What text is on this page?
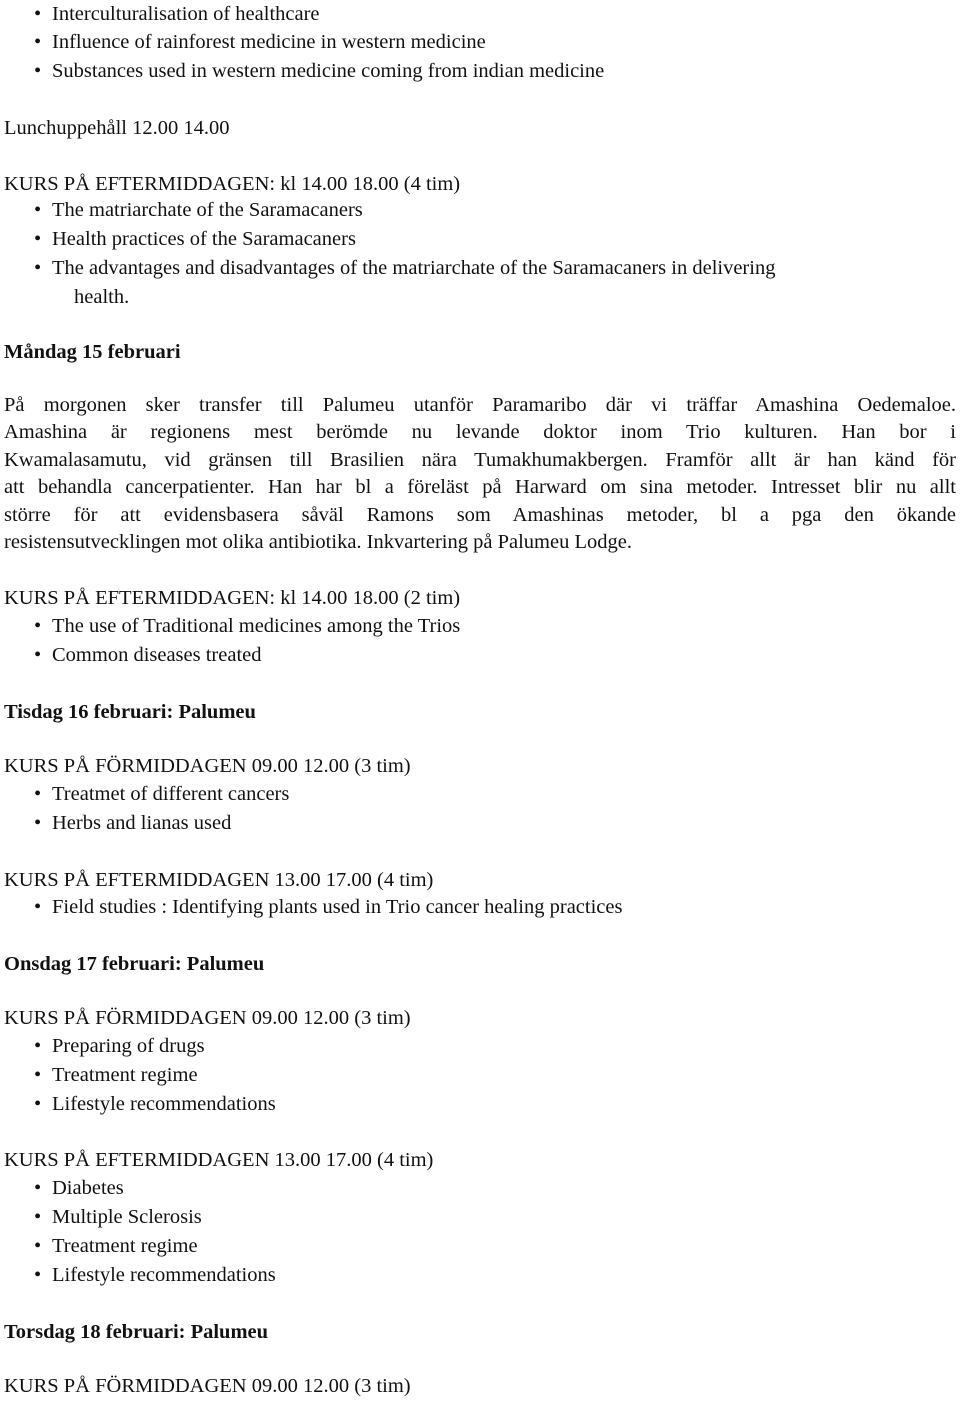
• Interculturalisation of healthcare
• Influence of rainforest medicine in western medicine
• Substances used in western medicine coming from indian medicine
Lunchuppehåll 12.00 14.00
KURS PÅ EFTERMIDDAGEN: kl 14.00 18.00 (4 tim)
• The matriarchate of the Saramacaners
• Health practices of the Saramacaners
• The advantages and disadvantages of the matriarchate of the Saramacaners in delivering
health.
Måndag 15 februari
På morgonen sker transfer till Palumeu utanför Paramaribo där vi träffar Amashina Oedemaloe.
Amashina är regionens mest berömde nu levande doktor inom Trio kulturen. Han bor i
Kwamalasamutu, vid gränsen till Brasilien nära Tumakhumakbergen. Framför allt är han känd för
att behandla cancerpatienter. Han har bl a föreläst på Harward om sina metoder. Intresset blir nu allt
större för att evidensbasera såväl Ramons som Amashinas metoder, bl a pga den ökande
resistensutvecklingen mot olika antibiotika. Inkvartering på Palumeu Lodge.
KURS PÅ EFTERMIDDAGEN: kl 14.00 18.00 (2 tim)
• The use of Traditional medicines among the Trios
• Common diseases treated
Tisdag 16 februari: Palumeu
KURS PÅ FÖRMIDDAGEN 09.00 12.00 (3 tim)
• Treatmet of different cancers
• Herbs and lianas used
KURS PÅ EFTERMIDDAGEN 13.00 17.00 (4 tim)
• Field studies : Identifying plants used in Trio cancer healing practices
Onsdag 17 februari: Palumeu
KURS PÅ FÖRMIDDAGEN 09.00 12.00 (3 tim)
• Preparing of drugs
• Treatment regime
• Lifestyle recommendations
KURS PÅ EFTERMIDDAGEN 13.00 17.00 (4 tim)
• Diabetes
• Multiple Sclerosis
• Treatment regime
• Lifestyle recommendations
Torsdag 18 februari: Palumeu
KURS PÅ FÖRMIDDAGEN 09.00 12.00 (3 tim)
